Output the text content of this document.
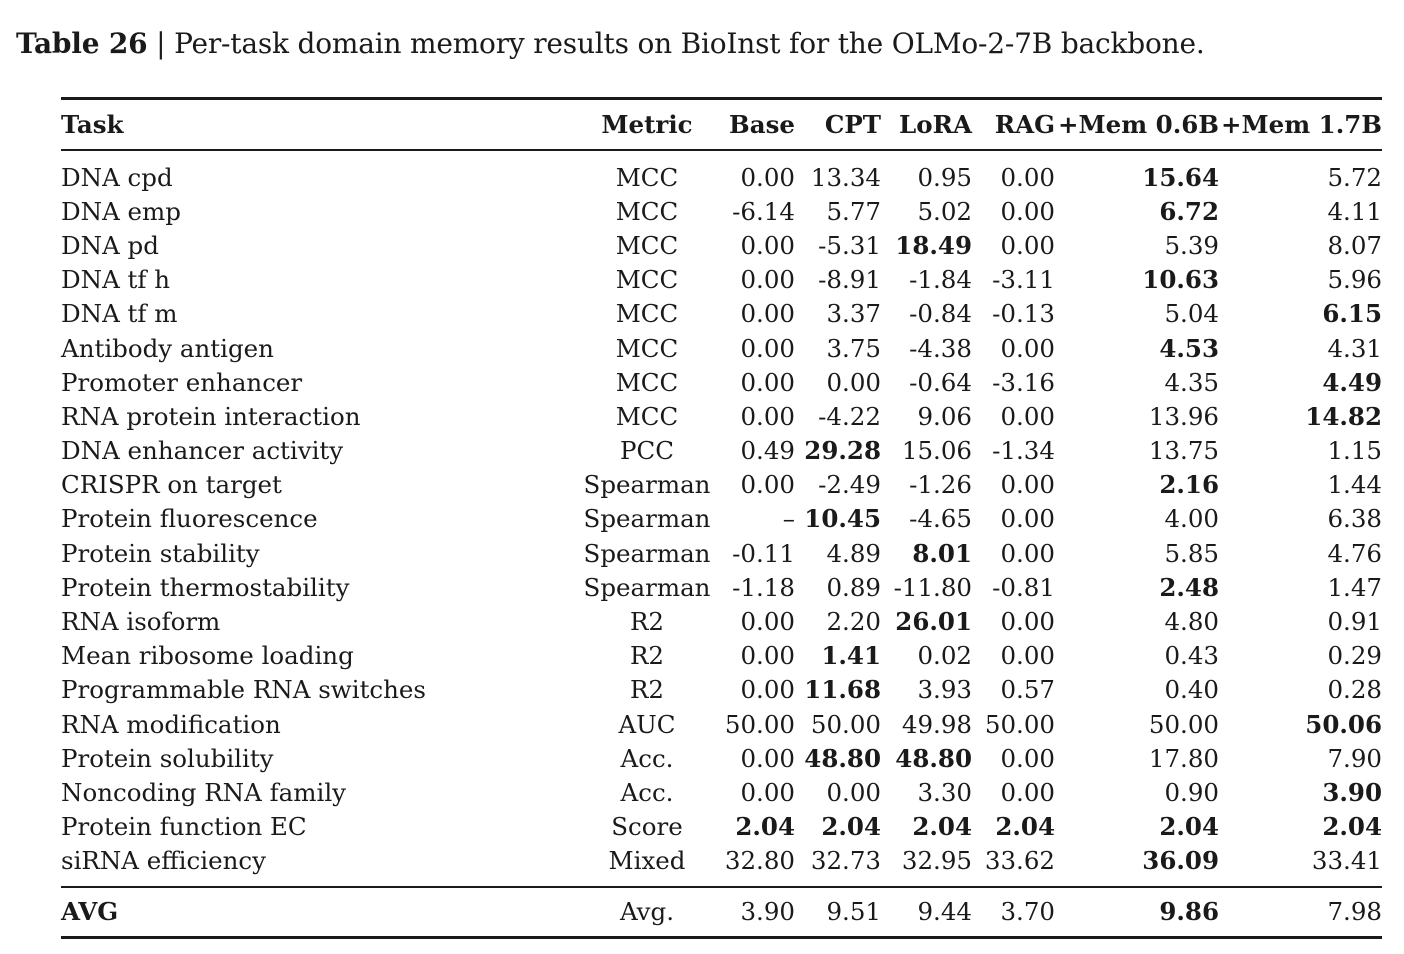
Table 26 | Per-task domain memory results on BioInst for the OLMo-2-7B backbone.
Task	Metric	Base	CPT	LoRA	RAG	+Mem 0.6B	+Mem 1.7B
DNA cpd	MCC	0.00	13.34	0.95	0.00	15.64	5.72
DNA emp	MCC	-6.14	5.77	5.02	0.00	6.72	4.11
DNA pd	MCC	0.00	-5.31	18.49	0.00	5.39	8.07
DNA tf h	MCC	0.00	-8.91	-1.84	-3.11	10.63	5.96
DNA tf m	MCC	0.00	3.37	-0.84	-0.13	5.04	6.15
Antibody antigen	MCC	0.00	3.75	-4.38	0.00	4.53	4.31
Promoter enhancer	MCC	0.00	0.00	-0.64	-3.16	4.35	4.49
RNA protein interaction	MCC	0.00	-4.22	9.06	0.00	13.96	14.82
DNA enhancer activity	PCC	0.49	29.28	15.06	-1.34	13.75	1.15
CRISPR on target	Spearman	0.00	-2.49	-1.26	0.00	2.16	1.44
Protein fluorescence	Spearman	–	10.45	-4.65	0.00	4.00	6.38
Protein stability	Spearman	-0.11	4.89	8.01	0.00	5.85	4.76
Protein thermostability	Spearman	-1.18	0.89	-11.80	-0.81	2.48	1.47
RNA isoform	R2	0.00	2.20	26.01	0.00	4.80	0.91
Mean ribosome loading	R2	0.00	1.41	0.02	0.00	0.43	0.29
Programmable RNA switches	R2	0.00	11.68	3.93	0.57	0.40	0.28
RNA modification	AUC	50.00	50.00	49.98	50.00	50.00	50.06
Protein solubility	Acc.	0.00	48.80	48.80	0.00	17.80	7.90
Noncoding RNA family	Acc.	0.00	0.00	3.30	0.00	0.90	3.90
Protein function EC	Score	2.04	2.04	2.04	2.04	2.04	2.04
siRNA efficiency	Mixed	32.80	32.73	32.95	33.62	36.09	33.41
AVG	Avg.	3.90	9.51	9.44	3.70	9.86	7.98
